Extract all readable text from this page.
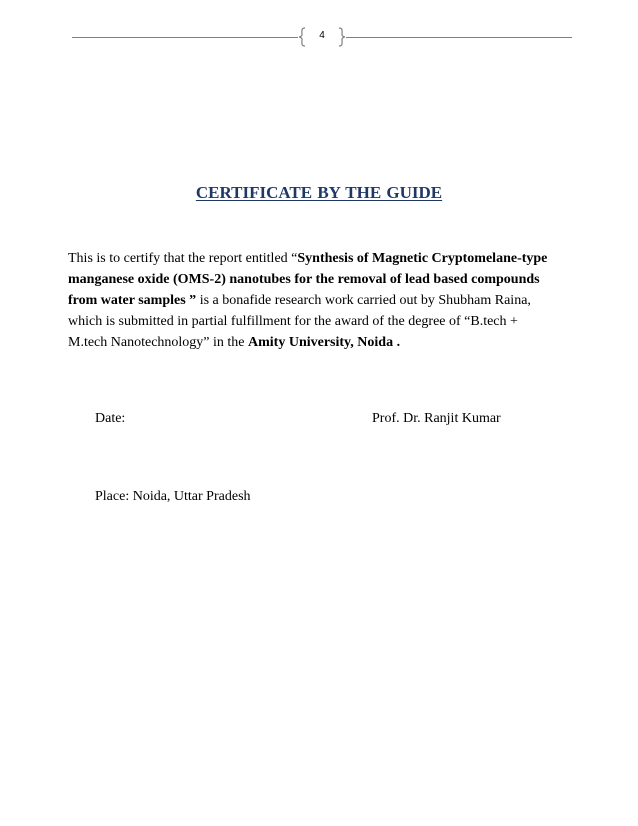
4
CERTIFICATE BY THE GUIDE
This is to certify that the report entitled “Synthesis of Magnetic Cryptomelane-type
manganese oxide (OMS-2) nanotubes for the removal of lead based compounds
from water samples ” is a bonafide research work carried out by Shubham Raina,
which is submitted in partial fulfillment for the award of the degree of “B.tech +
M.tech Nanotechnology” in the Amity University, Noida .
Date:	Prof. Dr. Ranjit Kumar
Place: Noida, Uttar Pradesh
